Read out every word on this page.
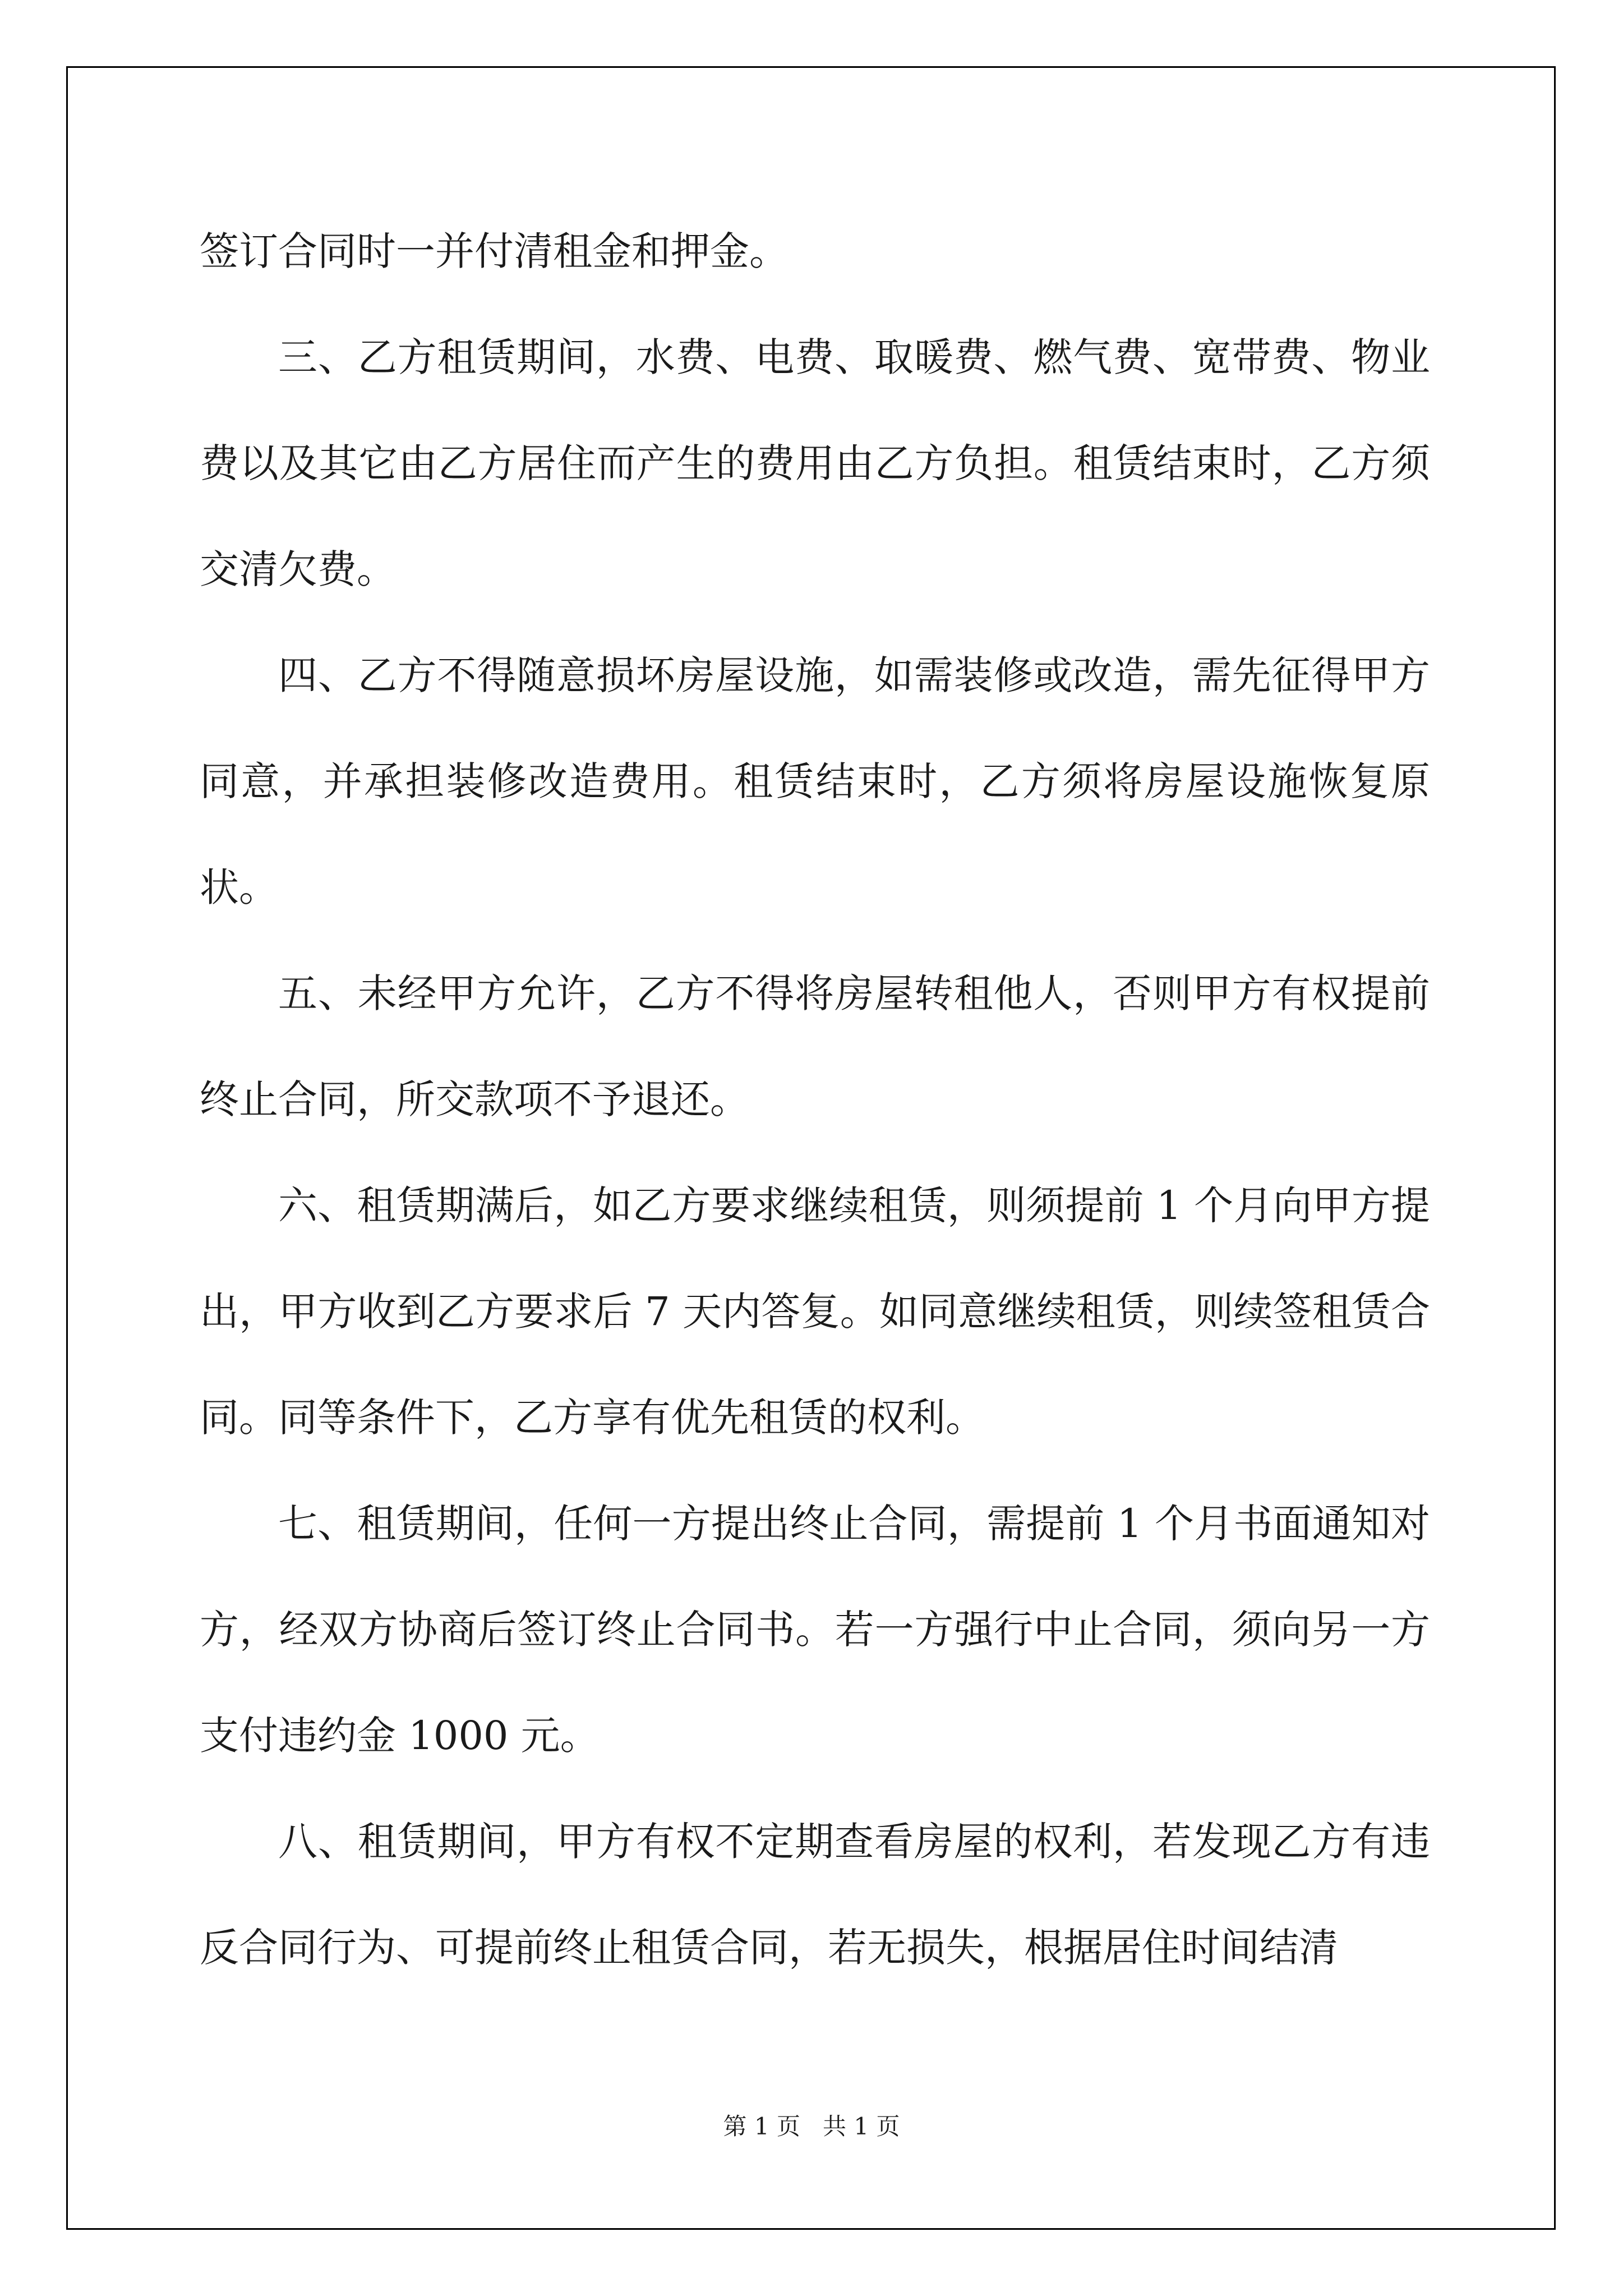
签订合同时一并付清租金和押金。

三、乙方租赁期间，水费、电费、取暖费、燃气费、宽带费、物业费以及其它由乙方居住而产生的费用由乙方负担。租赁结束时，乙方须交清欠费。

四、乙方不得随意损坏房屋设施，如需装修或改造，需先征得甲方同意，并承担装修改造费用。租赁结束时，乙方须将房屋设施恢复原状。

五、未经甲方允许，乙方不得将房屋转租他人，否则甲方有权提前终止合同，所交款项不予退还。

六、租赁期满后，如乙方要求继续租赁，则须提前 1 个月向甲方提出，甲方收到乙方要求后 7 天内答复。如同意继续租赁，则续签租赁合同。同等条件下，乙方享有优先租赁的权利。

七、租赁期间，任何一方提出终止合同，需提前 1 个月书面通知对方，经双方协商后签订终止合同书。若一方强行中止合同，须向另一方支付违约金 1000 元。

八、租赁期间，甲方有权不定期查看房屋的权利，若发现乙方有违反合同行为、可提前终止租赁合同，若无损失，根据居住时间结清

第 1 页   共 1 页
